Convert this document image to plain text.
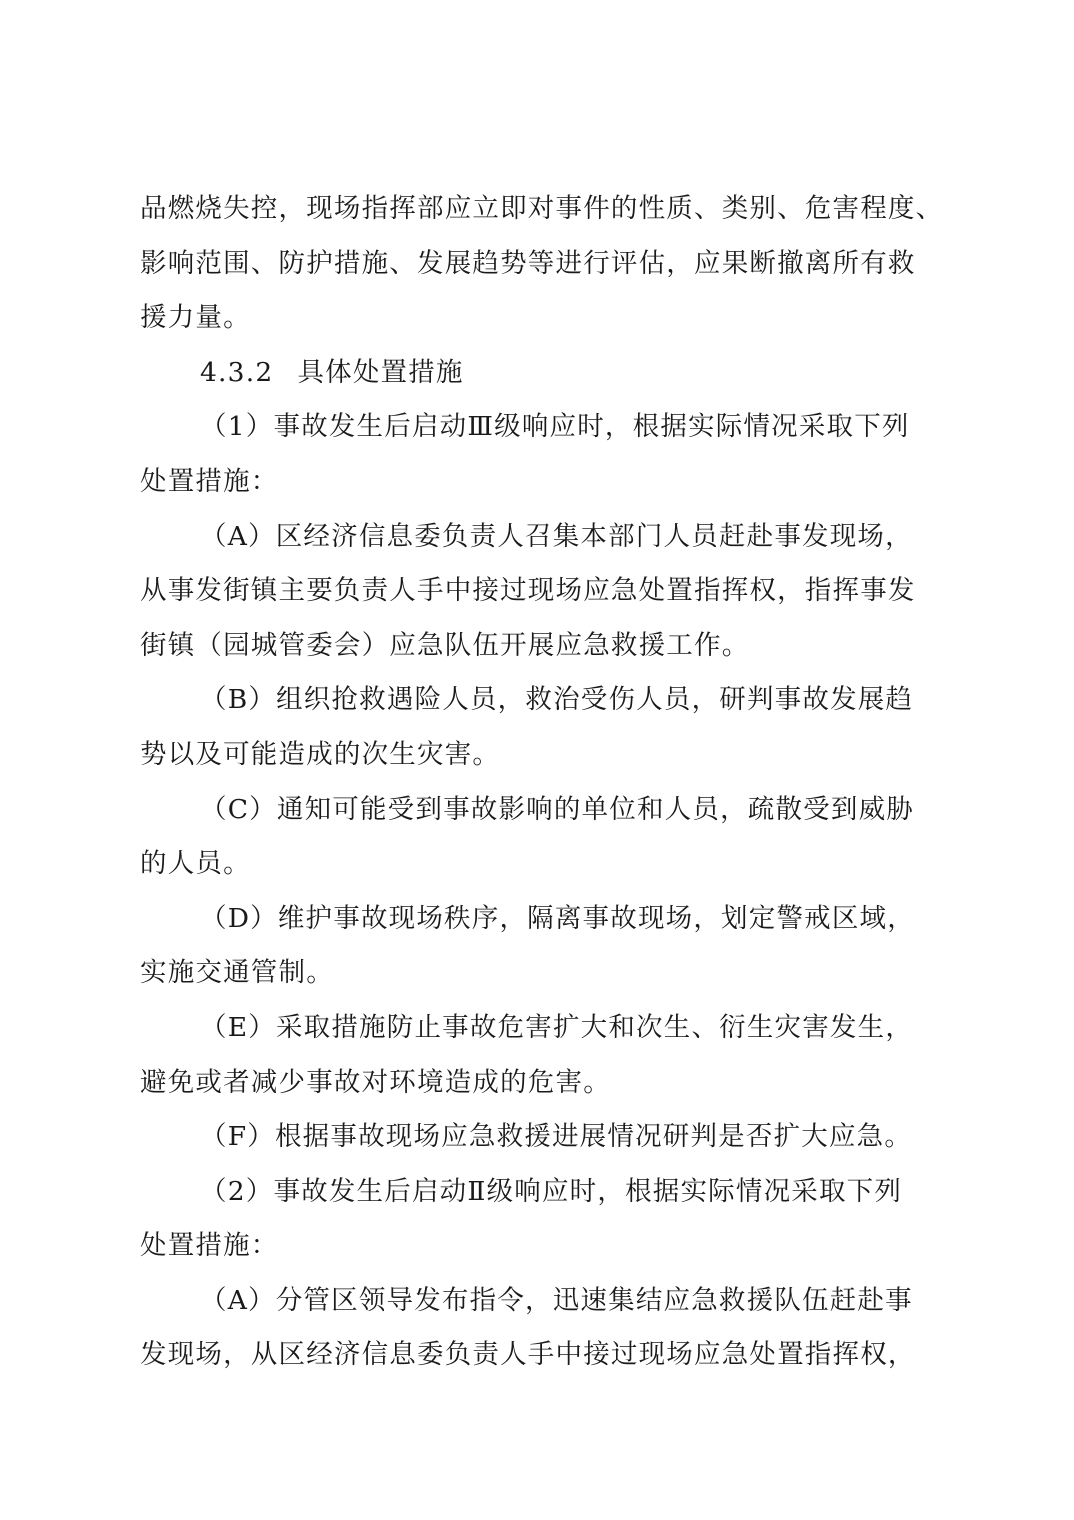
品燃烧失控，现场指挥部应立即对事件的性质、类别、危害程度、
影响范围、防护措施、发展趋势等进行评估，应果断撤离所有救
援力量。
4.3.2 具体处置措施
（1）事故发生后启动Ⅲ级响应时，根据实际情况采取下列
处置措施：
（A）区经济信息委负责人召集本部门人员赶赴事发现场，
从事发街镇主要负责人手中接过现场应急处置指挥权，指挥事发
街镇（园城管委会）应急队伍开展应急救援工作。
（B）组织抢救遇险人员，救治受伤人员，研判事故发展趋
势以及可能造成的次生灾害。
（C）通知可能受到事故影响的单位和人员，疏散受到威胁
的人员。
（D）维护事故现场秩序，隔离事故现场，划定警戒区域，
实施交通管制。
（E）采取措施防止事故危害扩大和次生、衍生灾害发生，
避免或者减少事故对环境造成的危害。
（F）根据事故现场应急救援进展情况研判是否扩大应急。
（2）事故发生后启动Ⅱ级响应时，根据实际情况采取下列
处置措施：
（A）分管区领导发布指令，迅速集结应急救援队伍赶赴事
发现场，从区经济信息委负责人手中接过现场应急处置指挥权，
